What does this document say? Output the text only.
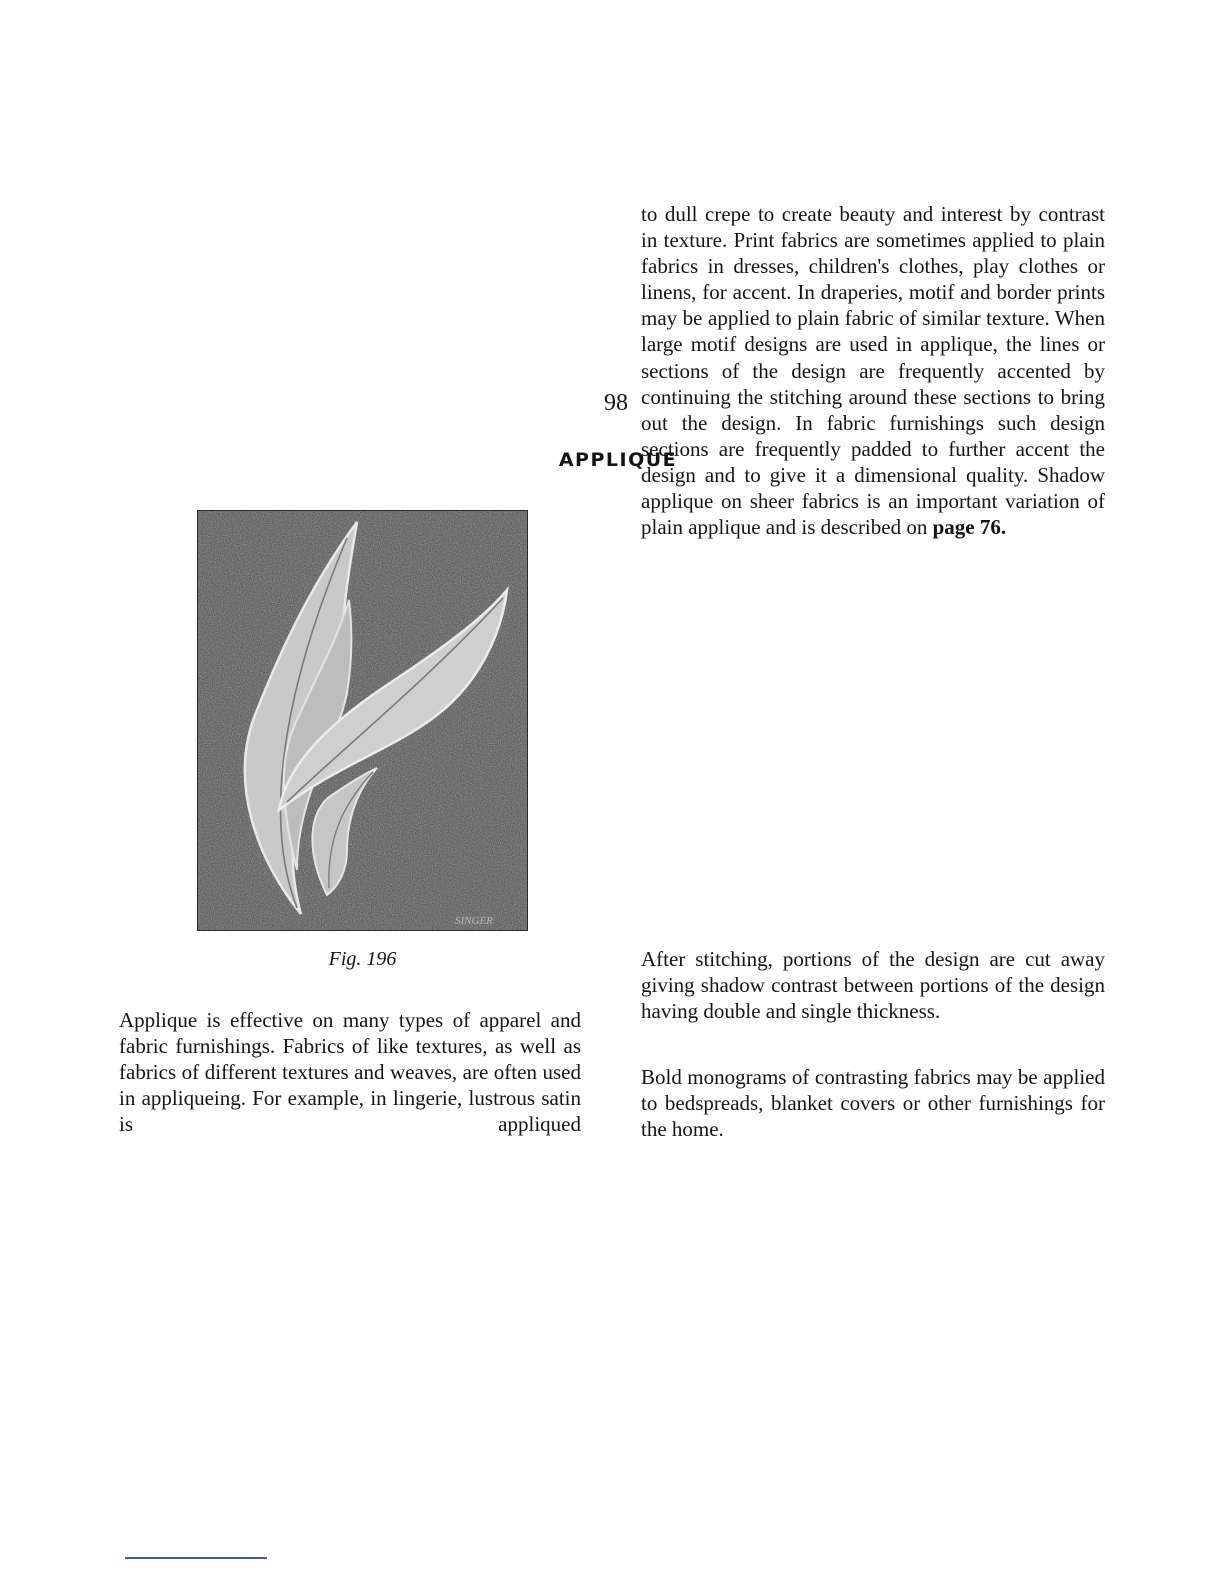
98
APPLIQUE
SINGER
Fig. 196

Applique is effective on many types of apparel and fabric furnishings. Fabrics of like textures, as well as fabrics of different textures and weaves, are often used in appliqueing. For example, in lingerie, lustrous satin is appliqued

to dull crepe to create beauty and interest by contrast in texture. Print fabrics are sometimes applied to plain fabrics in dresses, children's clothes, play clothes or linens, for accent. In draperies, motif and border prints may be applied to plain fabric of similar texture. When large motif designs are used in applique, the lines or sections of the design are frequently accented by continuing the stitching around these sections to bring out the design. In fabric furnishings such design sections are frequently padded to further accent the design and to give it a dimensional quality. Shadow applique on sheer fabrics is an important variation of plain applique and is described on page 76.

After stitching, portions of the design are cut away giving shadow contrast between portions of the design having double and single thickness.

Bold monograms of contrasting fabrics may be applied to bedspreads, blanket covers or other furnishings for the home.
